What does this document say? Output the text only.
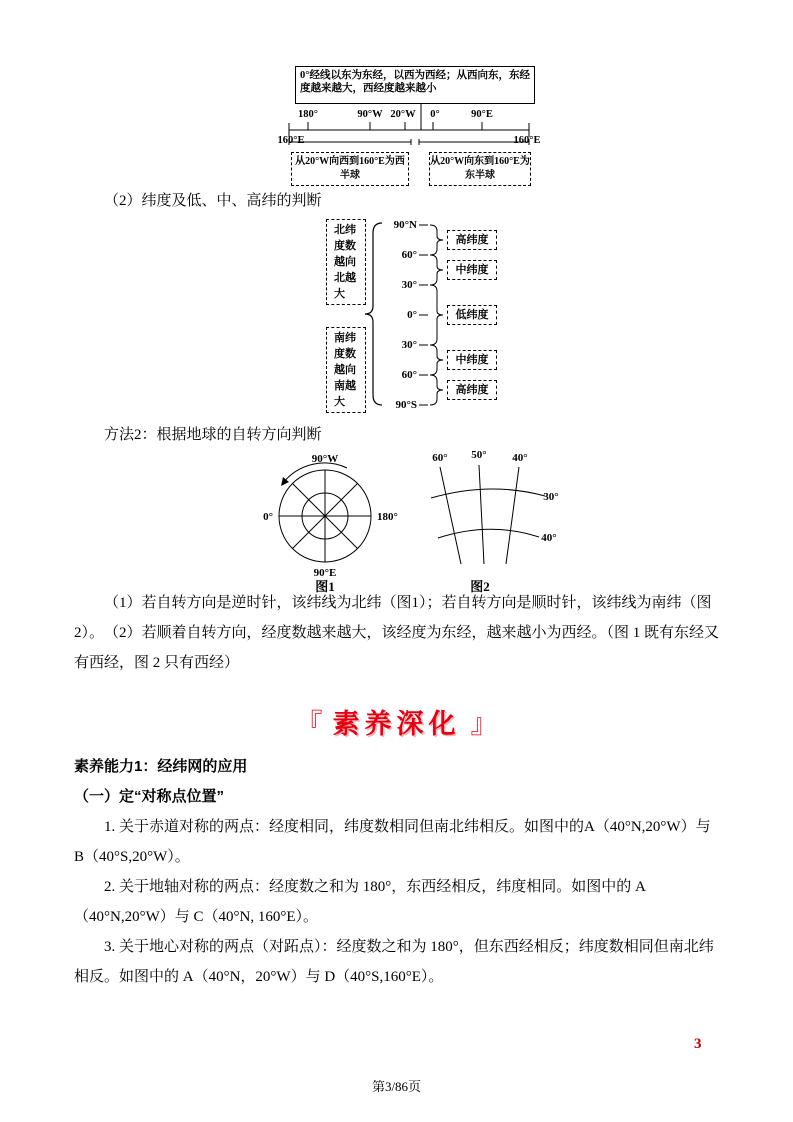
0°经线以东为东经，以西为西经；从西向东，东经度越来越大，西经度越来越小
180°	90°W 20°W 0°	90°E
160°E	160°E
从20°W向西到160°E为西半球
从20°W向东到160°E为东半球

（2）纬度及低、中、高纬的判断

北纬度数越向北越大
南纬度数越向南越大
90°N
60°
30°
0°
30°
60°
90°S
高纬度
中纬度
低纬度
中纬度
高纬度

方法2：根据地球的自转方向判断

90°W
0°	180°
90°E
图1
60° 50° 40°
30°
40°
图2

（1）若自转方向是逆时针，该纬线为北纬（图1）；若自转方向是顺时针，该纬线为南纬（图2）。 （2）若顺着自转方向，经度数越来越大，该经度为东经，越来越小为西经。（图 1 既有东经又有西经，图 2 只有西经）

『 素养深化 』

素养能力1：经纬网的应用

（一）定“对称点位置”

1. 关于赤道对称的两点：经度相同，纬度数相同但南北纬相反。如图中的A（40°N,20°W）与 B（40°S,20°W）。

2. 关于地轴对称的两点：经度数之和为 180°，东西经相反，纬度相同。如图中的 A（40°N,20°W）与 C（40°N, 160°E）。

3. 关于地心对称的两点（对跖点）：经度数之和为 180°，但东西经相反；纬度数相同但南北纬相反。如图中的 A（40°N，20°W）与 D（40°S,160°E）。

3
第3/86页
